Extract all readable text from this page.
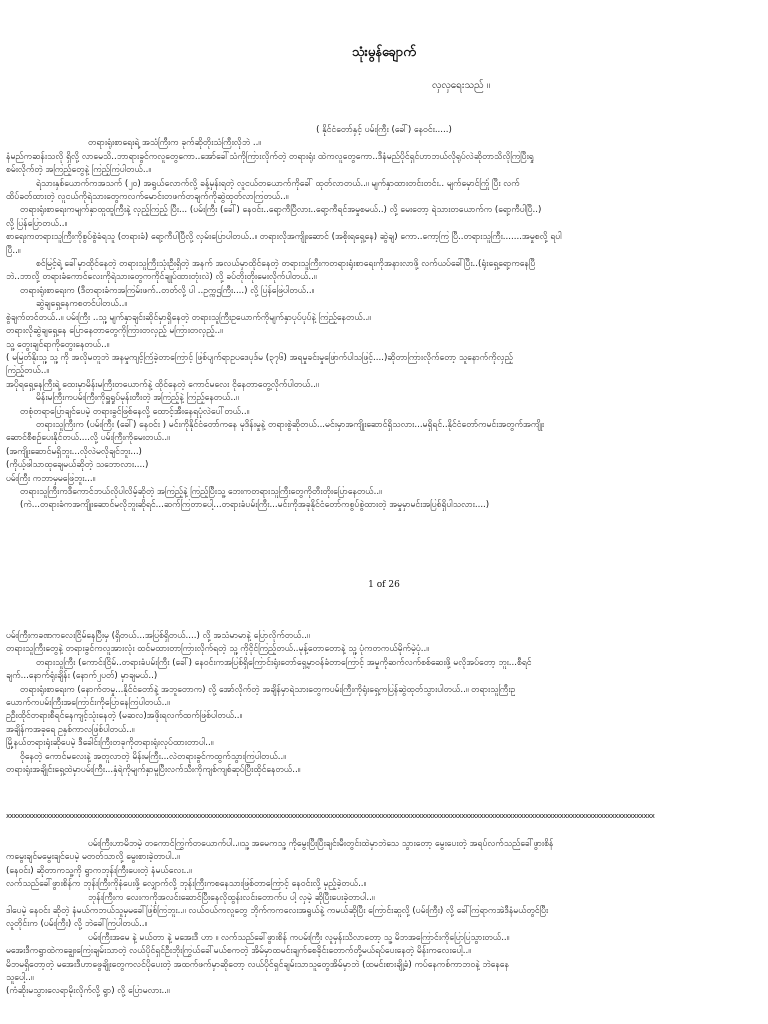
သုံးမွန်ချောက်
လှလှရေးသည် ။

( နိုင်ငံတော်နှင့် ပမ်းကြီး (ခေါ်) နေဝင်း.....)

တရားရုံးစာရေးရဲ့ အသံကြီးက ခုက်ဆိုတိုးသံကြီးလိုဘဲ ..။

နံမည်ကဆန်းသလို ရှိလို့ လာမေသိ..ဘာရားခွင်ကလူတွေကော..အော်ခေါ်သံကိုကြားလိုက်တဲ့ တရားရုံး ထဲကလူတွေကော..ဒီနံမည်ပိုင်ရှင်ဟာဘယ်လိုရုပ်လဲဆိုတာသိလိုကြပြီးရှု

စမ်းလိုက်တဲ့ အကြည့်တွေနဲ့ ကြည့်ကြပါတယ်..။

ရဲသားနှစ်ယောက်ကအသက် (၂၀) အရွယ်လောက်လို့ ခန့်မှန်းရတဲ့ လူငယ်တယောက်ကိုခေါ် ထုတ်လာတယ်..။ မျက်နှာထားတင်းတင်း.. မျက်မှောင်ကြုံ ပြီး လက်

ထိပ်ခတ်ထားတဲ့ လူငယ်ကိုရဲသားတွေကလက်မောင်းတဖက်တချက်ကိုဆွဲထုတ်လာကြတယ်..။

တရားရုံးစာရေးကမျက်နှာထူထူကြီးနဲ့ လှည့်ကြည့် ပြီး... (ပမ်းကြီး (ခေါ်) နေဝင်း..ရော့ကီပြီလား..ရော့ကီရင်အမှုစမယ်..) လို့ မေးတော့ ရဲသားတယောက်က (ရော့ကီပါပြီ..)

လို့ ပြန်ပြောတယ်..။

စာရေးကတရားသူကြီးကိုစွပ်စွဲခံရသူ (တရားခံ) ရော့ကီပါပြီလို့ လှမ်းပြောပါတယ်..။ တရားလိုအကျိုးဆောင် (အစိုးရရှေ့နေ) ဆွဲချ) ကော..ကော့ကြ ပြီ..တရားသူကြီး.......အမှုစလို့ ရပါ

ပြီ..။

စင်မြင့်ရဲ့ ခေါ်မှာထိုင်နေတဲ့ တရားသူကြီးသုံးဦးရှိတဲ့ အနက် အလယ်မှာထိုင်နေတဲ့ တရားသူကြီးကတရားရုံးစာရေးကိုအနားလာဖို့ လက်ယပ်ခေါ်ပြီး..(ရုံးရှေ့ရော့ကနေပြီ

ဘဲ..ဘာလို့ တရားခံကောင်လေးကိုရဲသားတွေကကိုင်ချုပ်ထားတုံးလဲ) လို့ ခပ်တိုးတိုးမေးလိုက်ပါတယ်..။

တရားရုံးစာရေးက (ဒီတရားခံကအကြမ်းဖက်..တတ်လို့ ပါ ..ဥက္ကဌကြီး....) လို့ ပြန်ဖြေပါတယ်..။

ဆွဲချရှေ့နေကစတင်ပါတယ်..။

စွဲချက်တင်တယ်..။ ပမ်းကြီး ..သူ့ မျက်နှာချင်းဆိုင်မှာရှိနေတဲ့ တရားသူကြီးဥယောက်ကိုမျက်နှာပုပ်ပုပ်နဲ့ ကြည့်နေတယ်..။

တရားလိုဆွဲချရှေ့နေ ပြောနေတာတွေကိုကြားတလှည့် မကြားတလှည့်..။

သူ့ တွေးချင်ရာကိုတွေးနေတယ်..။

( မမြတ်နိုးသူ့ သူ့ ကို အလိုမတူဘဲ အနမှုကျင့်ကြံခဲ့တာကြောင့် ဖြစ်ပျက်ရာဥပဒေပုဒ်မ (၃၇၆) အရမှုခင်းမှုဖြောက်ပါသဖြင့်....)ဆိုတာကြားလိုက်တော့ သူနောက်ကိုလှည့်

ကြည့်တယ်..။

အပိုရရှေ့နေကြီးရဲ့ ထေးမှာမိန်းမကြီးတယောက်နဲ့ ထိုင်နေတဲ့ ကောင်မလေး ငိုနေတာတွေ့လိုက်ပါတယ်..။

မိန်းမကြီးကပမ်းကြီးကိုရှူရှုပ်မုန်းတီးတဲ့ အကြည့်နဲ့ ကြည့်နေတယ်..။

တစုံတရာပြောချင်ပေမဲ့ တရားခွင်ဖြစ်နေလို့ ထောင့်အီးနေရပုံလဲပေါ်တယ်..။

တရားသူကြီးက (ပမ်းကြီး (ခေါ်) နေဝင်း ) မင်းကိုနိုင်ငံတော်ကနေ မုဒိန်းမှုနဲ့ တရားစွဲဆိုတယ်...မင်းမှာအကျိုးဆောင်ရှိသလား...မရှိရင်..နိုင်ငံတော်ကမင်းအတွက်အကျိုး

ဆောင်စီစဉ်ပေးနိုင်တယ်....လို့ ပမ်းကြီးကိုမေးတယ်..။

(အကျိုးဆောင်မရှိဘူး...လိုလဲမလိုချင်ဘူး...)

(ကိုယ့်ဖါသာထုချေမယ်ဆိုတဲ့ သဘောလား....)

ပမ်းကြီး ကဘာမှမဖြေဘူး...။

တရားသူကြီးကဒီကောင်ဘယ်လိုပါလိမ့်ဆိုတဲ့ အကြည့်နဲ့ ကြည့်ပြီးသူ့ ဘေးကတရားသူကြီးတွေကိုတီးတိုးပြောနေတယ်..။

(ကဲ...တရားခံကအကျိုးဆောင်မလိုဘူးဆိုရင်...ဆက်ကြတာပေါ့...တရားခံပမ်းကြီး...မင်းကိုအခုနိုင်ငံတော်ကစွပ်စွဲထားတဲ့ အမှုမှာမင်းအပြစ်ရှိပါသလား....)

1 of 26

ပမ်းကြီးကခဏကလေးငြိမ်နေပြီးမှ (ရှိတယ်...အပြစ်ရှိတယ်....) လို့ အသံမာမာနဲ့ ပြောလိုက်တယ်..။

တရားသူကြီးတွေနဲ့ တရားခွင်ကလူအားလုံး ထင်မထားတာကြားလိုက်ရတဲ့ သူ့ ကိုငိုင်ကြည့်တယ်..မုန့်တောတောနဲ့ သူ့ ပုံကတကယ်မိုက်မဲ့ပုံ..။

တရားသူကြီး (ကောင်းငြိမ်..တရားခံပမ်းကြီး (ခေါ်) နေဝင်းကအပြစ်ရှိကြောင်းရုံးတော်ရှေ့မှာဝန်ခံတာကြောင့် အမှုကိုဆက်လက်စစ်ဆေးဖို့ မလိုအပ်တော့ ဘူး...စီရင်

ချက်...နောက်ရုံးချိန်း (နောက်၂ပတ်) မှာချမယ်..)

တရားရုံးစာရေးက (နောက်တမှု...နိုင်ငံတော်နဲ့ အဘူတောက) လို့ အော်လိုက်တဲ့ အချိန်မှာရဲသားတွေကပမ်းကြီးကိုရုံးရှေ့ကပြန်ဆွဲထုတ်သွားပါတယ်..။ တရားသူကြီးဥ

ယောက်ကပမ်းကြီးအကြောင်းကိုပြောနေကြပါတယ်..။

ဥဦးထိုင်တရားစီရင်နေကျင့်သုံးနေတဲ့ (မဆလ)အဖိုးရလက်ထက်ဖြစ်ပါတယ်..။

အချိန်ကအခုရေ ဥနှစ်ကာလဖြစ်ပါတယ်..။

မြို့နယ်တရားရုံးဆိုပေမဲ့ ဒီခေါင်းကြီးတခုကိုတရားရုံးလုပ်ထားတာပါ..။

ဝိုနေတဲ့ ကောင်မလေးနဲ့ အတူလာတဲ့ မိန်းမကြီး...လဲတရားခွင်ကထွက်သွားကြပါတယ်..။

တရားရုံးအချိုင်းရှေ့ထဲမှာပမ်းကြီး...နှံရဲကိုမျက်နှာမူပြီးလက်သီးကိုကျစ်ကျစ်ဆုပ်ပြီးထိုင်နေတယ်..။

xxxxxxxxxxxxxxxxxxxxxxxxxxxxxxxxxxxxxxxxxxxxxxxxxxxxxxxxxxxxxxxxxxxxxxxxxxxxxxxxxxxxxxxxxxxxxxxxxxxxxxxxxxxxxxxxxxxxxxxxxxxxxxxxxxxxxxxxxxxxxxxxxxxxxxxxxxxxxxxxxxxxxxxxxxxxxxxxxx

ပမ်းကြီးဟာမိဘမဲ့ တကောင်ကြွက်တယောက်ပါ..။သူ့ အမေကသူ့ ကိုမွေးပြီးပြီးချင်းမီးတွင်းထဲမှာဘဲသေ သွားတော့ မွေးပေးတဲ့ အရပ်လက်သည်ခေါ်ဖွားစိန်

ကမွေးချင်မမွေးချင်ပေမဲ့ မတတ်သာလို့ မွေးစားခဲ့တာပါ..။

(နေဝင်း) ဆိုတာကသူ့ကို ရွာကဘုန်းကြီးပေးတဲ့ နံမယ်လေး..။

လက်သည်ခေါ်ဖွားစိန်က ဘုန်းကြီးကိုနံပေးဖို့ လျှောက်လို့ ဘုန်းကြီးကစနေသားဖြစ်တာကြောင့် နေဝင်းလို့ မှည့်ခဲ့တယ်..။

ဘုန်းကြီးက လေးကကိုအလင်းဆောင်ပြီးနေလိုထွန်းလင်းတောက်ပ ပါ့ လှမဲ့ ဆိုပြီးပေးခဲ့တာပါ..။

ဒါပေမဲ့ နေဝင်း ဆိုတဲ့ နံမယ်ကဘယ်သူမှမခေါ်ဖြစ်ကြဘူး..။ လယ်ဝယ်ကလူတွေ ဘိုက်ကကလေးအရွယ်နဲ့ ကမယ်ဆိုပြီး ကြောင်းဆူလို့ (ပမ်းကြီး) လို့ ခေါ်ကြရာကအဲဒီနံမယ်တွင်ပြီး

လူတိုင်းက (ပမ်းကြီး) လို့ ဘဲခေါ်ကြပါတယ်..။

ပမ်းကြီးအမေ နဲ့ မယ်တာ နဲ့ မအေးဒီ ဟာ ။ လက်သည်ခေါ်ဖွားစိန် ကပမ်းကြီး လူမှန်းသိလာတော့ သူ့ မိဘအကြောင်းကိုပြောပြသွားတယ်..။

မအေးဒီကရွာထဲကချွေးကြေးချမ်းသာတဲ့ လယ်ပိုင်ရှင်ဦးဘိုးကြွယ်ခေါ်မယ်စကတဲ့ အိမ်မှာထမင်းချက်စေခိုင်းတောက်တို့မယ်ရပ်ပေးနေတဲ့ မိန်းကလေးပေါ့..။

မိဘမရှိတော့တဲ့ မအေးဒီဟာဖွေချိုးတွေကလင်ပိုပေးတဲ့ အထက်ဖက်မှာဆိုတော့ လယ်ပိုင်ရှင်ချမ်းသာသူတွေအိမ်မှာဘဲ (ထမင်းစားချို့ခံ) ကပ်နေကစ်ကာဘဝနဲ့ ဘဲနေနေ

သူပေါ့..။

(ကံဆိုးမသွားလေရာမိုးလိုက်လို့ ရွာ) လို့ ပြောမလား..။
